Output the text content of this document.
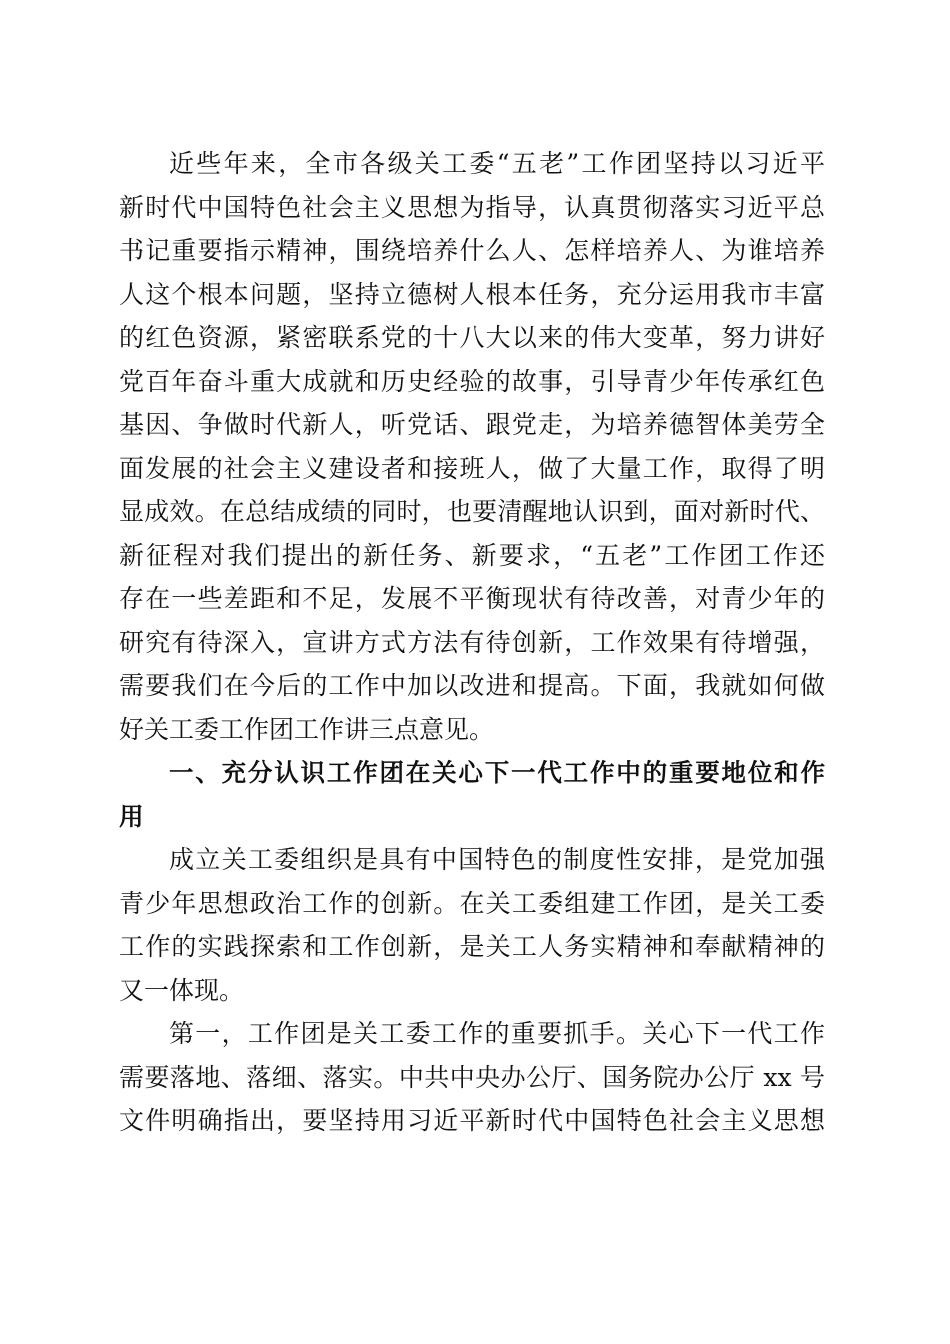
近些年来，全市各级关工委“五老”工作团坚持以习近平
新时代中国特色社会主义思想为指导，认真贯彻落实习近平总
书记重要指示精神，围绕培养什么人、怎样培养人、为谁培养
人这个根本问题，坚持立德树人根本任务，充分运用我市丰富
的红色资源，紧密联系党的十八大以来的伟大变革，努力讲好
党百年奋斗重大成就和历史经验的故事，引导青少年传承红色
基因、争做时代新人，听党话、跟党走，为培养德智体美劳全
面发展的社会主义建设者和接班人，做了大量工作，取得了明
显成效。在总结成绩的同时，也要清醒地认识到，面对新时代、
新征程对我们提出的新任务、新要求，“五老”工作团工作还
存在一些差距和不足，发展不平衡现状有待改善，对青少年的
研究有待深入，宣讲方式方法有待创新，工作效果有待增强，
需要我们在今后的工作中加以改进和提高。下面，我就如何做
好关工委工作团工作讲三点意见。
一、充分认识工作团在关心下一代工作中的重要地位和作
用
成立关工委组织是具有中国特色的制度性安排，是党加强
青少年思想政治工作的创新。在关工委组建工作团，是关工委
工作的实践探索和工作创新，是关工人务实精神和奉献精神的
又一体现。
第一，工作团是关工委工作的重要抓手。关心下一代工作
需要落地、落细、落实。中共中央办公厅、国务院办公厅 xx 号
文件明确指出，要坚持用习近平新时代中国特色社会主义思想
